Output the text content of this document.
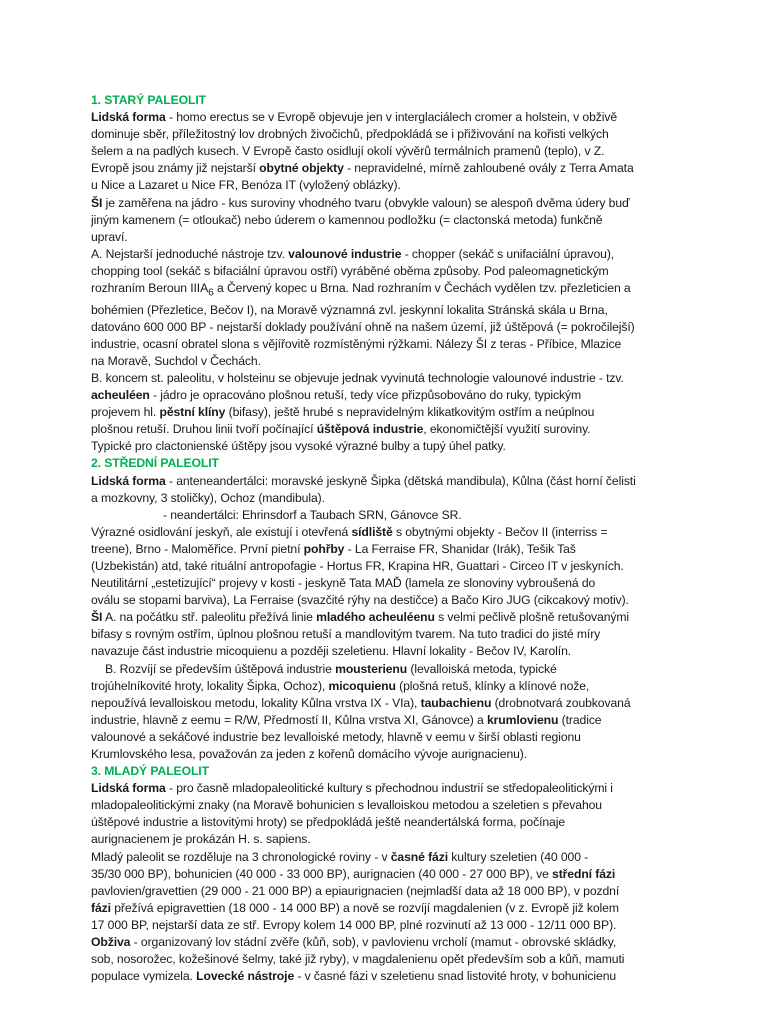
1. STARÝ PALEOLIT
Lidská forma - homo erectus se v Evropě objevuje jen v interglaciálech cromer a holstein, v obživě
dominuje sběr, příležitostný lov drobných živočichů, předpokládá se i přiživování na kořisti velkých
šelem a na padlých kusech. V Evropě často osidlují okolí vývěrů termálních pramenů (teplo), v Z.
Evropě jsou známy již nejstarší obytné objekty - nepravidelné, mírně zahloubené ovály z Terra Amata
u Nice a Lazaret u Nice FR, Benóza IT (vyložený oblázky).
ŠI je zaměřena na jádro - kus suroviny vhodného tvaru (obvykle valoun) se alespoň dvěma údery buď
jiným kamenem (= otloukač) nebo úderem o kamennou podložku (= clactonská metoda) funkčně
upraví.
A. Nejstarší jednoduché nástroje tzv. valounové industrie - chopper (sekáč s unifaciální úpravou),
chopping tool (sekáč s bifaciální úpravou ostří) vyráběné oběma způsoby. Pod paleomagnetickým
rozhraním Beroun $IIIA_6$ a Červený kopec u Brna. Nad rozhraním v Čechách vydělen tzv. přezleticien a
bohémien (Přezletice, Bečov I), na Moravě významná zvl. jeskynní lokalita Stránská skála u Brna,
datováno 600 000 BP - nejstarší doklady používání ohně na našem území, již úštěpová (= pokročilejší)
industrie, ocasní obratel slona s vějířovitě rozmístěnými rýžkami. Nálezy ŠI z teras - Příbice, Mlazice
na Moravě, Suchdol v Čechách.
B. koncem st. paleolitu, v holsteinu se objevuje jednak vyvinutá technologie valounové industrie - tzv.
acheuléen - jádro je opracováno plošnou retuší, tedy více přizpůsobováno do ruky, typickým
projevem hl. pěstní klíny (bifasy), ještě hrubé s nepravidelným klikatkovitým ostřím a neúplnou
plošnou retuší. Druhou linii tvoří počínající úštěpová industrie, ekonomičtější využití suroviny.
Typické pro clactonienské úštěpy jsou vysoké výrazné bulby a tupý úhel patky.
2. STŘEDNÍ PALEOLIT
Lidská forma - anteneandertálci: moravské jeskyně Šipka (dětská mandibula), Kůlna (část horní čelisti
a mozkovny, 3 stoličky), Ochoz (mandibula).
- neandertálci: Ehrinsdorf a Taubach SRN, Gánovce SR.
Výrazné osidlování jeskyň, ale existují i otevřená sídliště s obytnými objekty - Bečov II (interriss =
treene), Brno - Maloměřice. První pietní pohřby - La Ferraise FR, Shanidar (Irák), Tešik Taš
(Uzbekistán) atd, také rituální antropofagie - Hortus FR, Krapina HR, Guattari - Circeo IT v jeskyních.
Neutilitární „estetizující“ projevy v kosti - jeskyně Tata MAĎ (lamela ze slonoviny vybroušená do
oválu se stopami barviva), La Ferraise (svazčité rýhy na destičce) a Bačo Kiro JUG (cikcakový motiv).
ŠI A. na počátku stř. paleolitu přežívá linie mladého acheuléenu s velmi pečlivě plošně retušovanými
bifasy s rovným ostřím, úplnou plošnou retuší a mandlovitým tvarem. Na tuto tradici do jisté míry
navazuje část industrie micoquienu a později szeletienu. Hlavní lokality - Bečov IV, Karolín.
B. Rozvíjí se především úštěpová industrie mousterienu (levalloiská metoda, typické
trojúhelníkovité hroty, lokality Šipka, Ochoz), micoquienu (plošná retuš, klínky a klínové nože,
nepoužívá levalloiskou metodu, lokality Kůlna vrstva IX - VIa), taubachienu (drobnotvará zoubkovaná
industrie, hlavně z eemu = R/W, Předmostí II, Kůlna vrstva XI, Gánovce) a krumlovienu (tradice
valounové a sekáčové industrie bez levalloiské metody, hlavně v eemu v širší oblasti regionu
Krumlovského lesa, považován za jeden z kořenů domácího vývoje aurignacienu).
3. MLADÝ PALEOLIT
Lidská forma - pro časně mladopaleolitické kultury s přechodnou industrií se středopaleolitickými i
mladopaleolitickými znaky (na Moravě bohunicien s levalloiskou metodou a szeletien s převahou
úštěpové industrie a listovitými hroty) se předpokládá ještě neandertálská forma, počínaje
aurignacienem je prokázán H. s. sapiens.
Mladý paleolit se rozděluje na 3 chronologické roviny - v časné fázi kultury szeletien (40 000 -
35/30 000 BP), bohunicien (40 000 - 33 000 BP), aurignacien (40 000 - 27 000 BP), ve střední fázi
pavlovien/gravettien (29 000 - 21 000 BP) a epiaurignacien (nejmladší data až 18 000 BP), v pozdní
fázi přežívá epigravettien (18 000 - 14 000 BP) a nově se rozvíjí magdalenien (v z. Evropě již kolem
17 000 BP, nejstarší data ze stř. Evropy kolem 14 000 BP, plné rozvinutí až 13 000 - 12/11 000 BP).
Obživa - organizovaný lov stádní zvěře (kůň, sob), v pavlovienu vrcholí (mamut - obrovské skládky,
sob, nosorožec, kožešinové šelmy, také již ryby), v magdalenienu opět především sob a kůň, mamuti
populace vymizela. Lovecké nástroje - v časné fázi v szeletienu snad listovité hroty, v bohunicienu
